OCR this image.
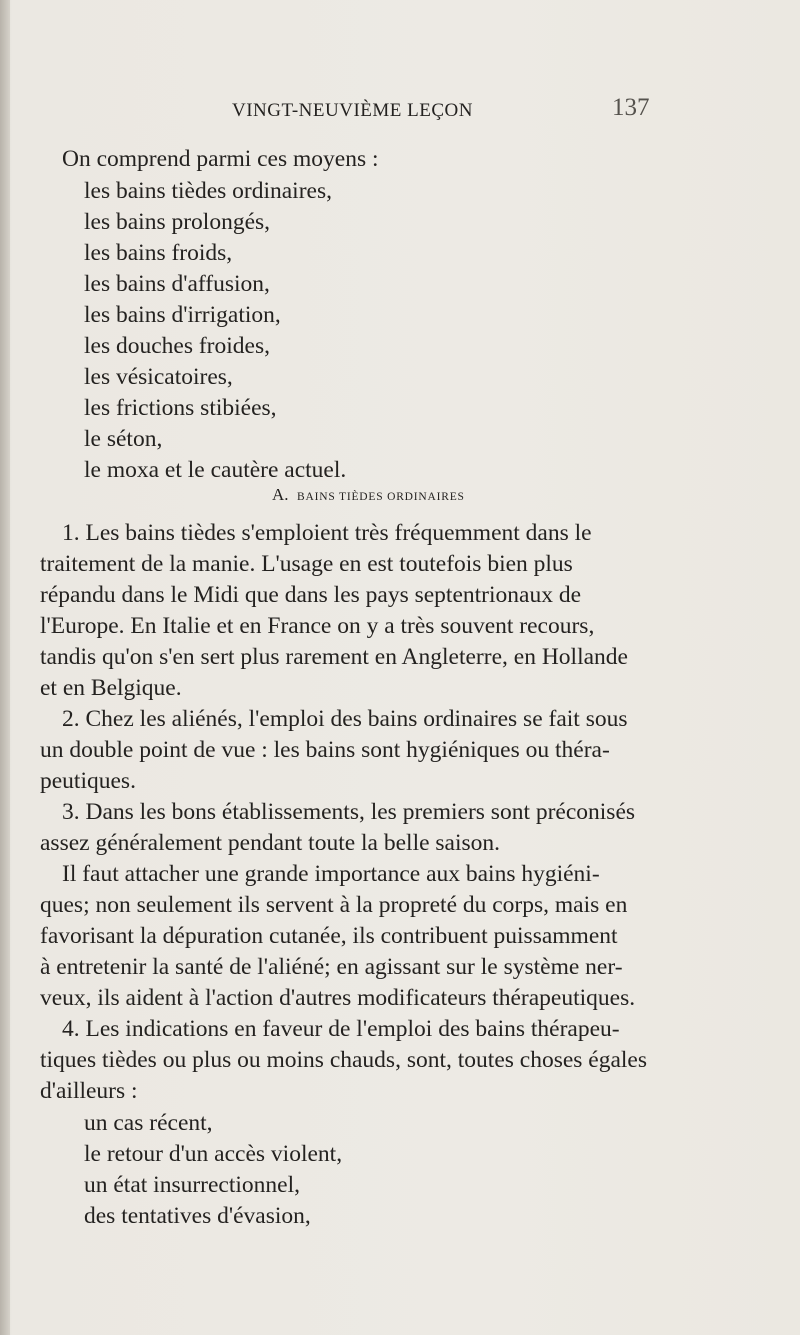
VINGT-NEUVIÈME LEÇON	137
On comprend parmi ces moyens :
les bains tièdes ordinaires,
les bains prolongés,
les bains froids,
les bains d'affusion,
les bains d'irrigation,
les douches froides,
les vésicatoires,
les frictions stibiées,
le séton,
le moxa et le cautère actuel.
A. BAINS TIÈDES ORDINAIRES
1. Les bains tièdes s'emploient très fréquemment dans le
traitement de la manie. L'usage en est toutefois bien plus
répandu dans le Midi que dans les pays septentrionaux de
l'Europe. En Italie et en France on y a très souvent recours,
tandis qu'on s'en sert plus rarement en Angleterre, en Hollande
et en Belgique.
2. Chez les aliénés, l'emploi des bains ordinaires se fait sous
un double point de vue : les bains sont hygiéniques ou théra-
peutiques.
3. Dans les bons établissements, les premiers sont préconisés
assez généralement pendant toute la belle saison.
Il faut attacher une grande importance aux bains hygiéni-
ques; non seulement ils servent à la propreté du corps, mais en
favorisant la dépuration cutanée, ils contribuent puissamment
à entretenir la santé de l'aliéné; en agissant sur le système ner-
veux, ils aident à l'action d'autres modificateurs thérapeutiques.
4. Les indications en faveur de l'emploi des bains thérapeu-
tiques tièdes ou plus ou moins chauds, sont, toutes choses égales
d'ailleurs :
un cas récent,
le retour d'un accès violent,
un état insurrectionnel,
des tentatives d'évasion,
